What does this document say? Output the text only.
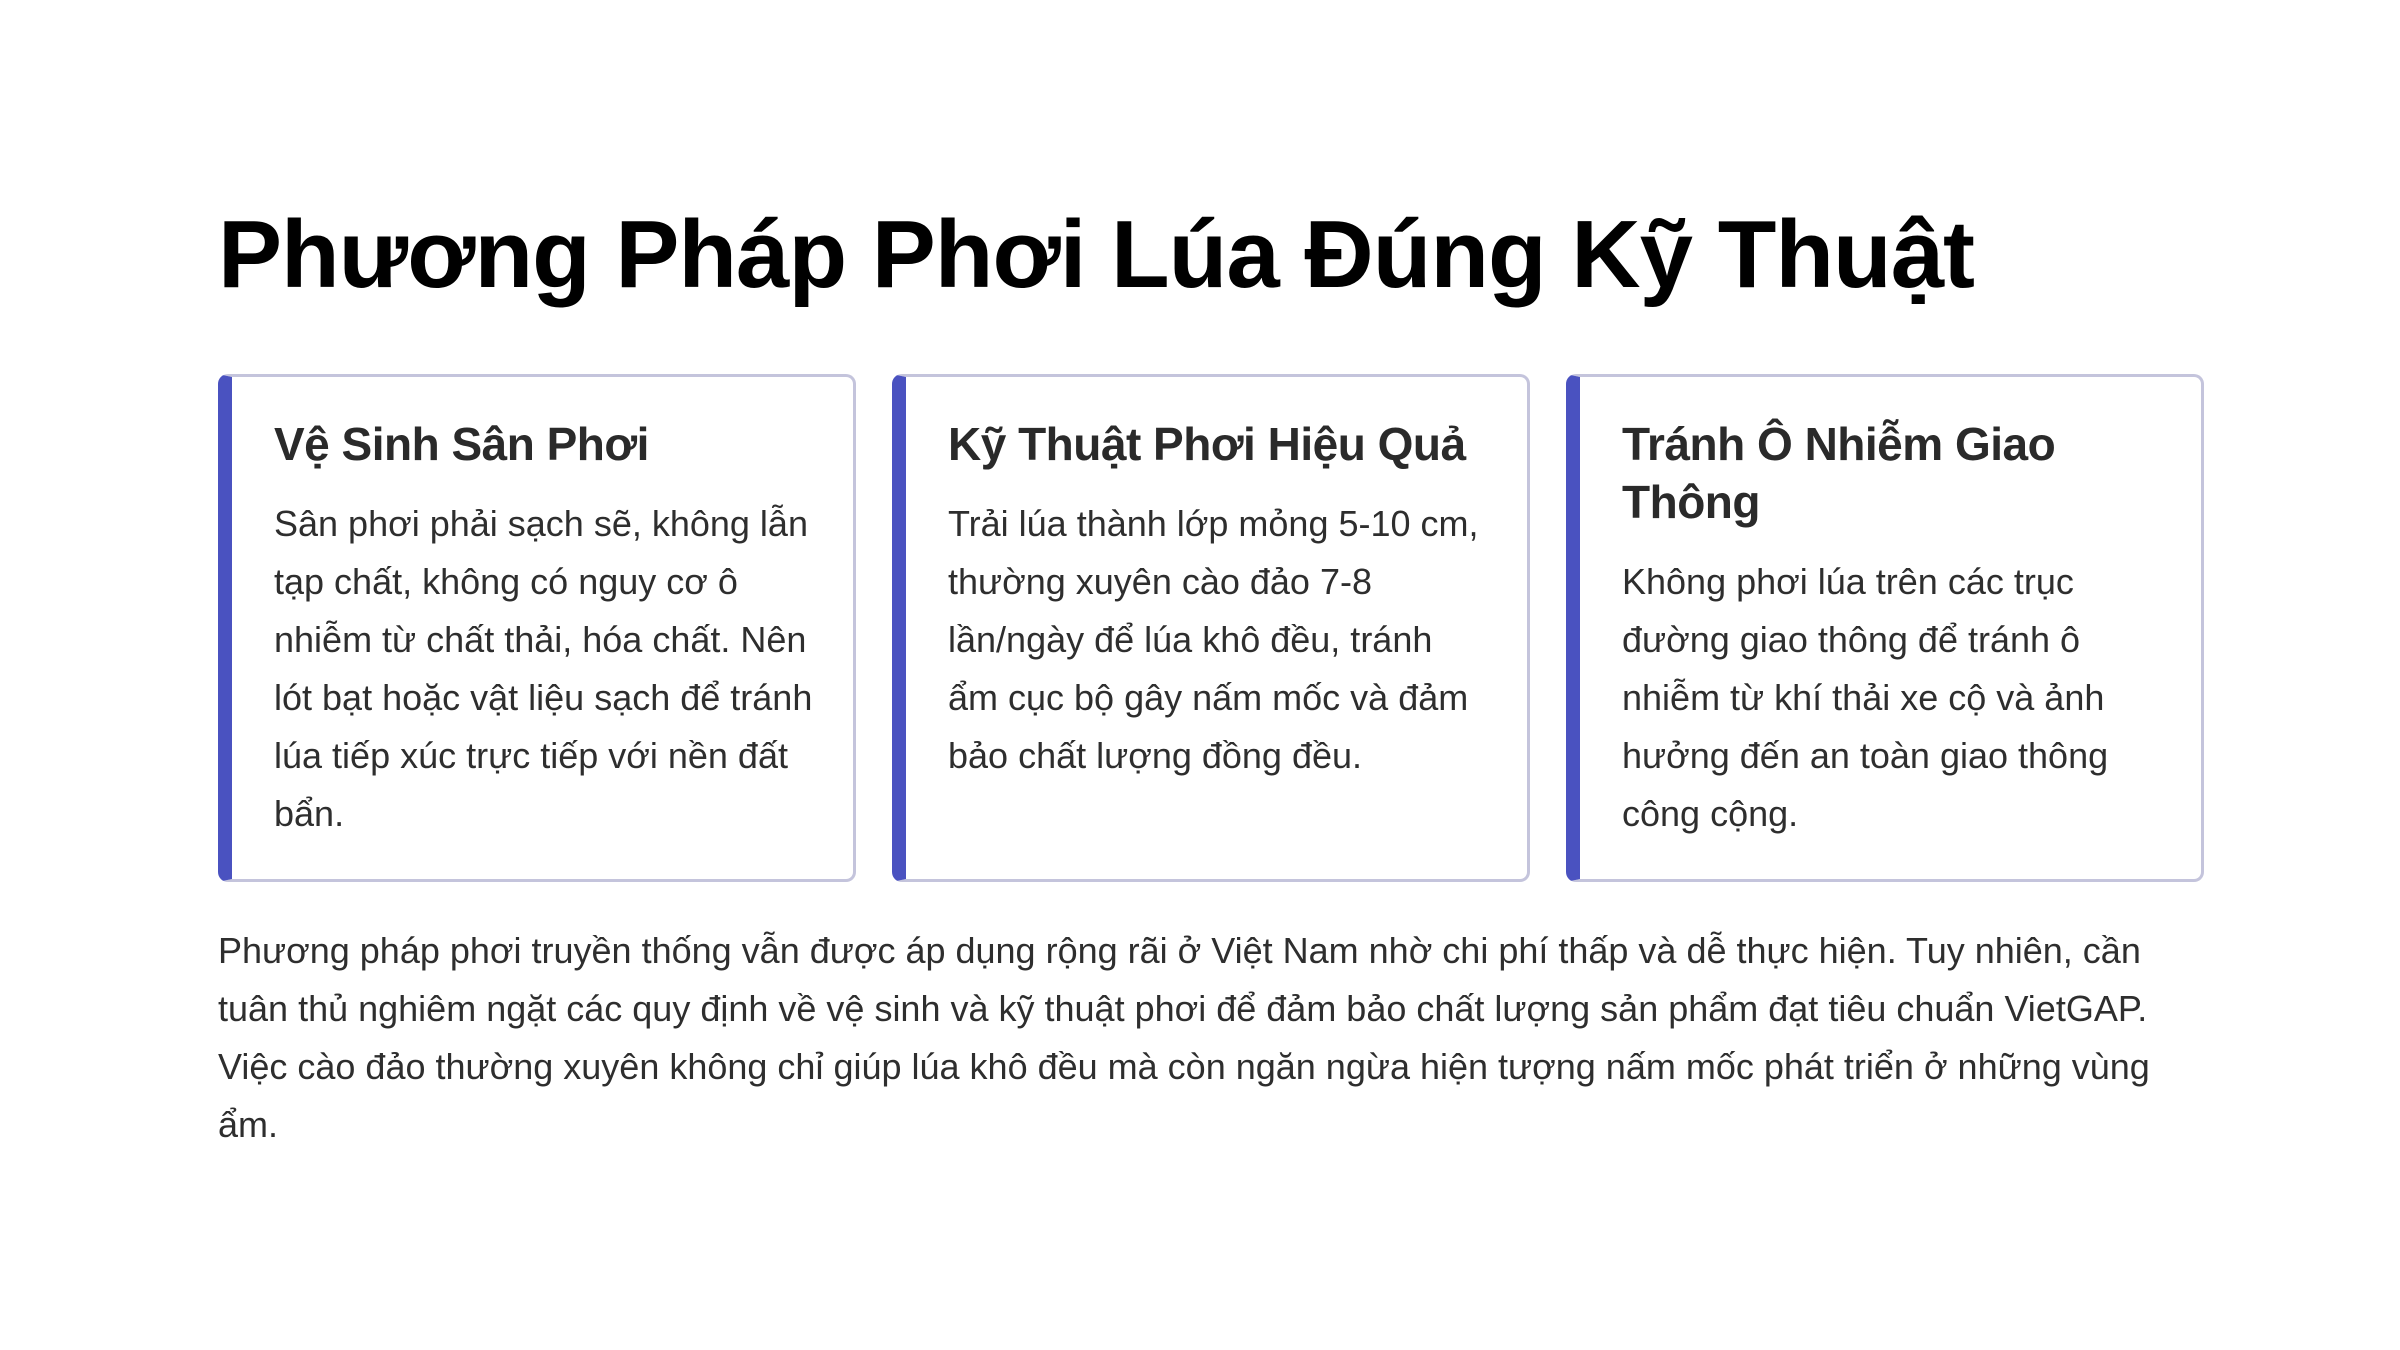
Phương Pháp Phơi Lúa Đúng Kỹ Thuật
Vệ Sinh Sân Phơi

Sân phơi phải sạch sẽ, không lẫn tạp chất, không có nguy cơ ô nhiễm từ chất thải, hóa chất. Nên lót bạt hoặc vật liệu sạch để tránh lúa tiếp xúc trực tiếp với nền đất bẩn.

Kỹ Thuật Phơi Hiệu Quả

Trải lúa thành lớp mỏng 5-10 cm, thường xuyên cào đảo 7-8 lần/ngày để lúa khô đều, tránh ẩm cục bộ gây nấm mốc và đảm bảo chất lượng đồng đều.

Tránh Ô Nhiễm Giao Thông

Không phơi lúa trên các trục đường giao thông để tránh ô nhiễm từ khí thải xe cộ và ảnh hưởng đến an toàn giao thông công cộng.

Phương pháp phơi truyền thống vẫn được áp dụng rộng rãi ở Việt Nam nhờ chi phí thấp và dễ thực hiện. Tuy nhiên, cần tuân thủ nghiêm ngặt các quy định về vệ sinh và kỹ thuật phơi để đảm bảo chất lượng sản phẩm đạt tiêu chuẩn VietGAP. Việc cào đảo thường xuyên không chỉ giúp lúa khô đều mà còn ngăn ngừa hiện tượng nấm mốc phát triển ở những vùng ẩm.
